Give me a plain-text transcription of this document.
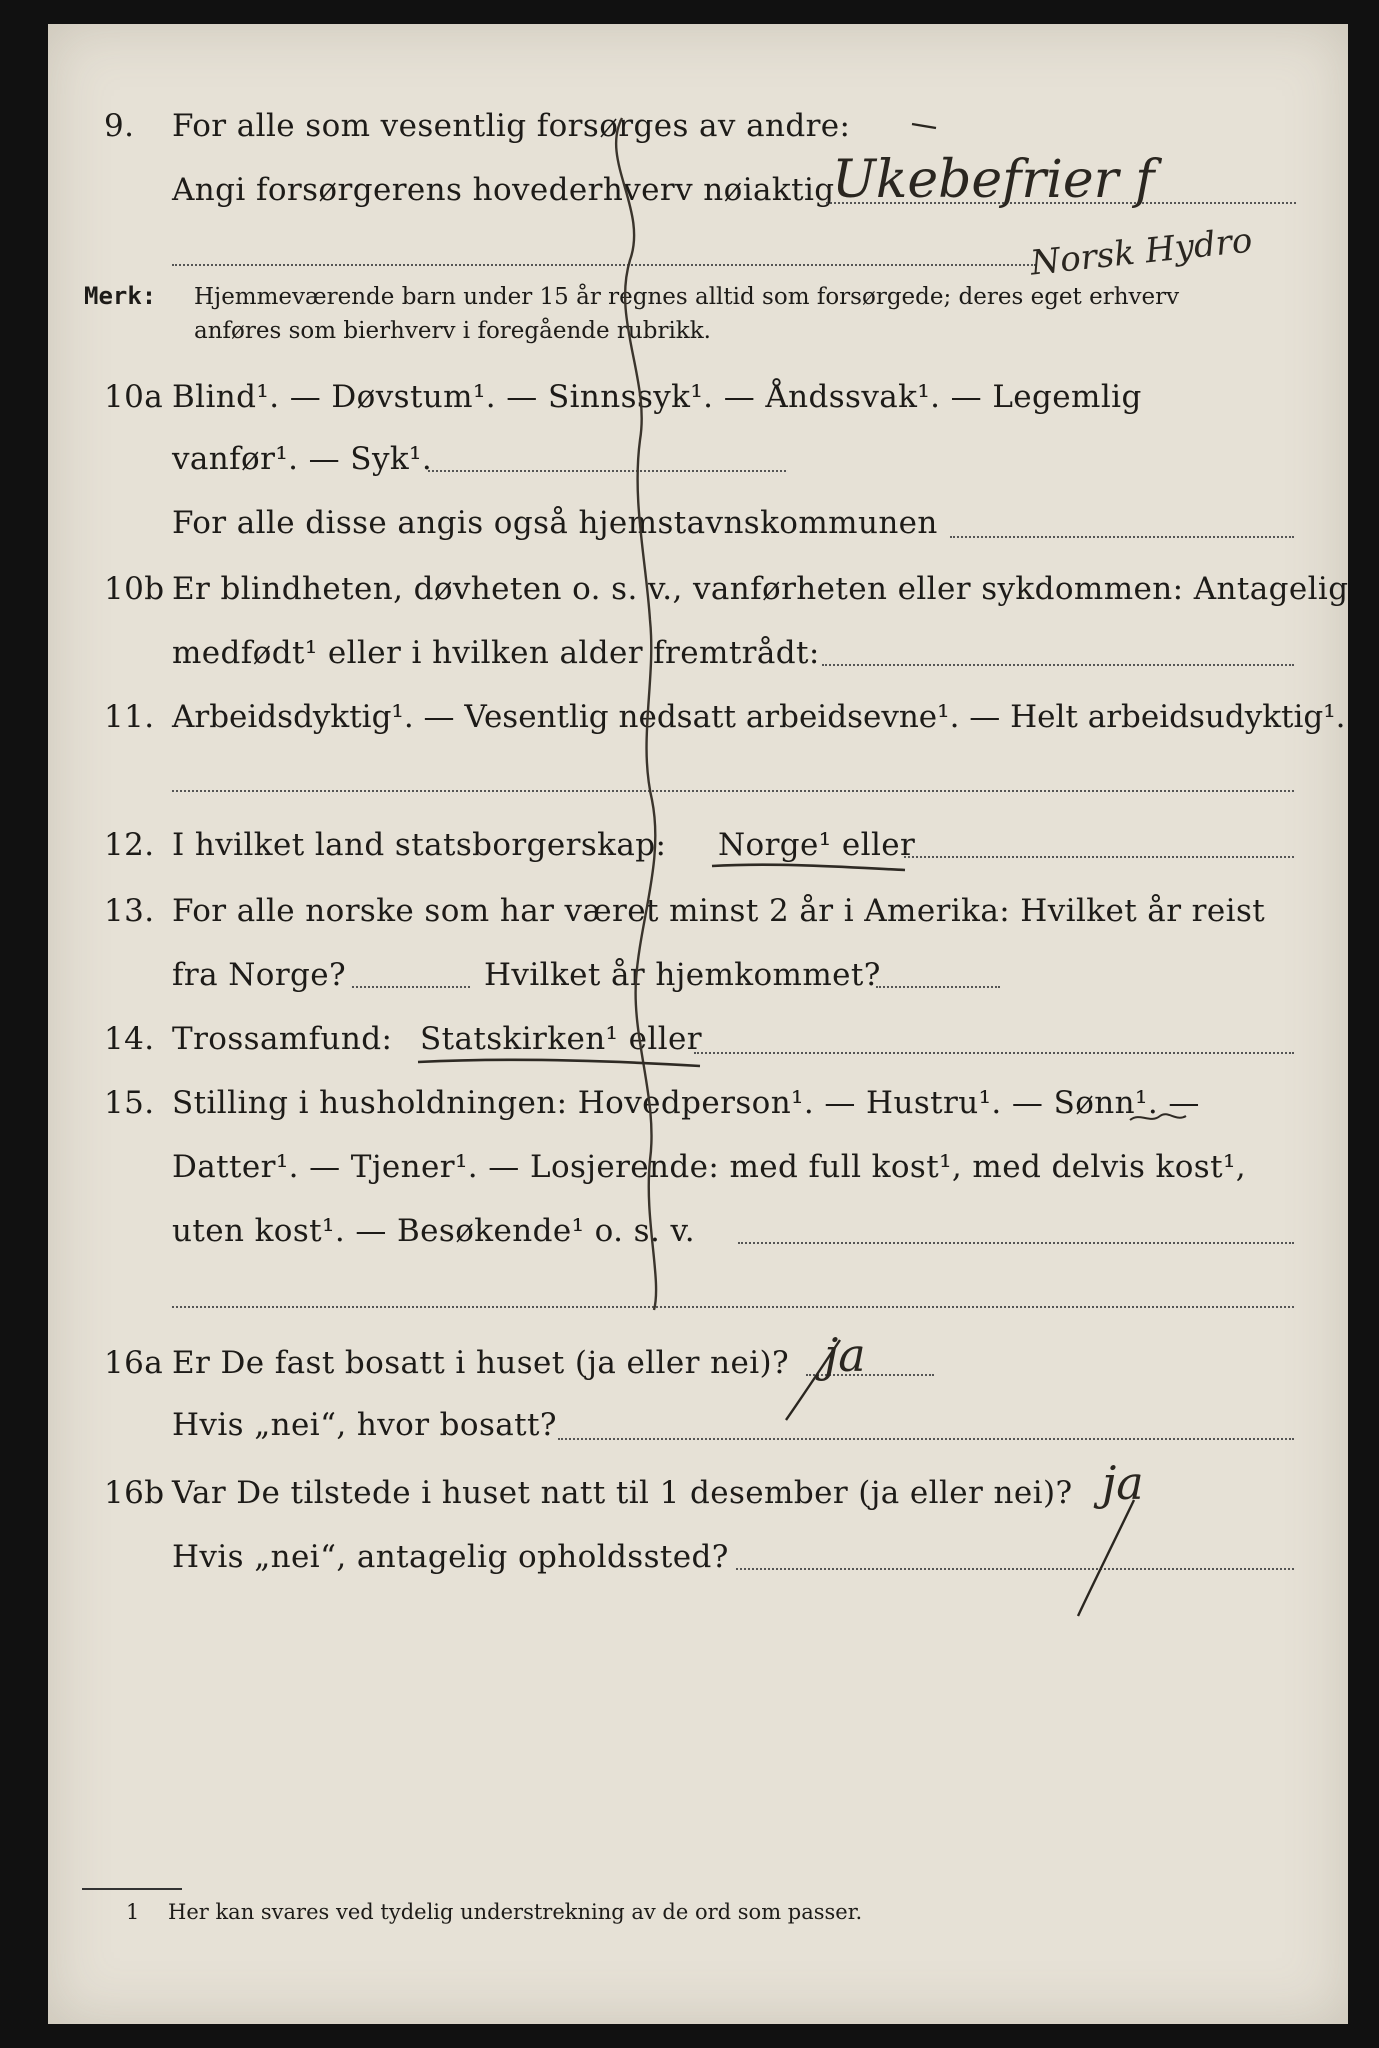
9. For alle som vesentlig forsørges av andre:
Angi forsørgerens hovederhverv nøiaktig
Ukebefrier f
Norsk Hydro
Merk: Hjemmeværende barn under 15 år regnes alltid som forsørgede; deres eget erhverv
anføres som bierhverv i foregående rubrikk.
10a Blind¹. — Døvstum¹. — Sinnssyk¹. — Åndssvak¹. — Legemlig
vanfør¹. — Syk¹.
For alle disse angis også hjemstavnskommunen
10b Er blindheten, døvheten o. s. v., vanførheten eller sykdommen: Antagelig
medfødt¹ eller i hvilken alder fremtrådt:
11. Arbeidsdyktig¹. — Vesentlig nedsatt arbeidsevne¹. — Helt arbeidsudyktig¹.
12. I hvilket land statsborgerskap: Norge¹ eller
13. For alle norske som har været minst 2 år i Amerika: Hvilket år reist
fra Norge?	Hvilket år hjemkommet?
14. Trossamfund: Statskirken¹ eller
15. Stilling i husholdningen: Hovedperson¹. — Hustru¹. — Sønn¹. —
Datter¹. — Tjener¹. — Losjerende: med full kost¹, med delvis kost¹,
uten kost¹. — Besøkende¹ o. s. v.
16a Er De fast bosatt i huset (ja eller nei)? ja
Hvis „nei“, hvor bosatt?
16b Var De tilstede i huset natt til 1 desember (ja eller nei)? ja
Hvis „nei“, antagelig opholdssted?
1 Her kan svares ved tydelig understrekning av de ord som passer.
